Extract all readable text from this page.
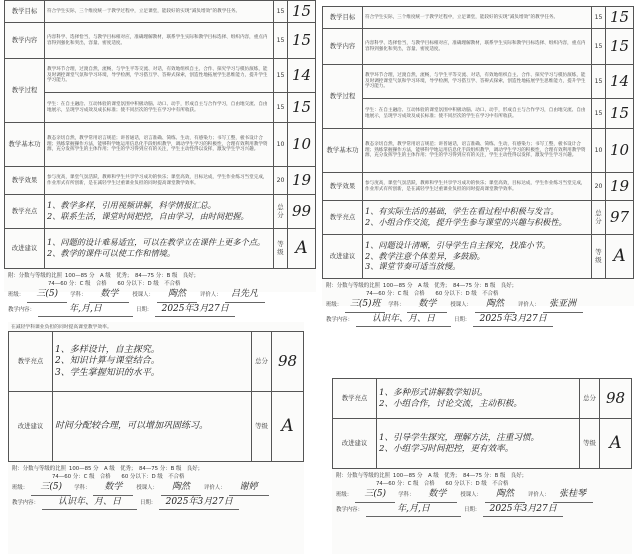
教学目标	符合学生实际，三个维度统一于教学过程中，立足课堂，能较好的实现“减负增效”的教学任务。	15	15
教学内容	内容科学、选择恰当，与教学目标相对应，准确理解教材，联系学生实际和教学目标选择、组织内容，重点内容得到强化和突出，容量、密度适度。	15	15
教学过程	教学环节合理，过渡自然，流畅，与学生平等交流、对话，有效地组织自主、合作、探究学习与模仿演练，能及时调控课堂气氛和学习环境，导学检测，学习搭互学、答辩式探索，创造性地拓展学生思维能力，提升学生学习能力。	15	14
	学生：在自主融洽、互动体验的课堂氛围中积极动脑、动口、动手，形成自主与合作学习，自由地交流、自由地展示，呈现学习成效及成长标准；使不同层次的学生在学习中有所收获。	15	15
教学基本功	教态亲切自然，教学常用语言规范；讲普通话，语言准确、简练、生动，有感染力；书写工整，板书设计合理；熟练掌握操作方法，能够科学地运用信息化手段组织教学，调动学生学习的积极性，合理有效利用教学资源，充分发挥学生的主体作用；学生的学习得到应有的关注，学生主动性得以发挥，激发学生学习兴趣。	10	10
教学效果	参与度高，课堂气氛活跃，教师和学生共享学习成功的快乐；课堂高效，目标达成，学生作业练习当堂完成，作业形式有所创新，是在减轻学生过重课业负担的同时提高课堂教学效率。	20	19
教学亮点	1、教学多样，引用视频讲解，科学情报汇总。
2、联系生活，课堂时间把控，自由学习，由时间把握。	总分	99
改进建议	1、问题的设计难易适宜，可以在教学立在课件上更多个点。
2、教学的课件可以使工作和情境。	等级	A
附：分数与等级的比照 100—85 分　A 级　优秀；　84—75 分：B 级　良好；
74—60 分：C 级　合格　　60 分以下：D 级　不合格
班级：	三(5)	学科：	数学	授课人：	陶然	评价人：	吕先凡
教学内容：	年,月,日	日期：	2025年3月27日
教学目标	符合学生实际，三个维度统一于教学过程中，立足课堂，能较好的实现“减负增效”的教学任务。	15	15
教学内容	内容科学、选择恰当，与教学目标相对应，准确理解教材，联系学生实际和教学目标选择、组织内容，重点内容得到强化和突出，容量、密度适度。	15	15
教学过程	教学环节合理，过渡自然，流畅，与学生平等交流、对话，有效地组织自主、合作、探究学习与模仿演练，能及时调控课堂气氛和学习环境，导学检测，学习搭互学、答辩式探索，创造性地拓展学生思维能力，提升学生学习能力。	15	14
	学生：在自主融洽、互动体验的课堂氛围中积极动脑、动口、动手，形成自主与合作学习，自由地交流、自由地展示，呈现学习成效及成长标准；使不同层次的学生在学习中有所收获。	15	15
教学基本功	教态亲切自然，教学常用语言规范；讲普通话，语言准确、简练、生动，有感染力；书写工整，板书设计合理；熟练掌握操作方法，能够科学地运用信息化手段组织教学，调动学生学习的积极性，合理有效利用教学资源，充分发挥学生的主体作用；学生的学习得到应有的关注，学生主动性得以发挥，激发学生学习兴趣。	10	10
教学效果	参与度高，课堂气氛活跃，教师和学生共享学习成功的快乐；课堂高效，目标达成，学生作业练习当堂完成，作业形式有所创新，是在减轻学生过重课业负担的同时提高课堂教学效率。	20	19
教学亮点	1、有实际生活的基础，学生在看过程中积极与发言。
2、小组合作交流，提升学生参与课堂的兴趣与积极性。	总分	97
改进建议	1、问题设计清晰，引导学生自主探究，找准小节。
2、教学注意个体差异，多鼓励。
3、课堂节奏可适当放慢。	等级	A
附：分数与等级的比照 100—85 分　A 级　优秀；　84—75 分：B 级　良好；
74—60 分：C 级　合格　　60 分以下：D 级　不合格
班级： 三(5)班	学科：	数学	授课人：	陶然	评价人：	张亚洲
教学内容：	认识年、月、日	日期：	2025年3月27日
在减轻学科课业负担的同时提高课堂教学效率。
教学亮点	1、多样设计，自主探究。
2、知识计算与课堂结合。
3、学生掌握知识的水平。	总分	98
改进建议	时间分配较合理，可以增加巩固练习。	等级	A
附：分数与等级的比照 100—85 分　A 级　优秀；　84—75 分：B 级　良好；
74—60 分：C 级　合格　　60 分以下：D 级　不合格
班级：	三(5)	学科：	数学	授课人：	陶然	评价人：	谢婷
教学内容：	认识年、月、日	日期：	2025年3月27日
教学亮点	1、多种形式讲解数学知识。
2、小组合作，讨论交流，主动积极。	总分	98
改进建议	1、引导学生探究，理解方法，注重习惯。
2、小组学习时间把控，更有效率。	等级	A
附：分数与等级的比照 100—85 分　A 级　优秀；　84—75 分：B 级　良好；
74—60 分：C 级　合格　　60 分以下：D 级　不合格
班级：	三(5)	学科：	数学	授课人：	陶然	评价人：	张桂琴
教学内容：	年,月,日	日期：	2025年3月27日
